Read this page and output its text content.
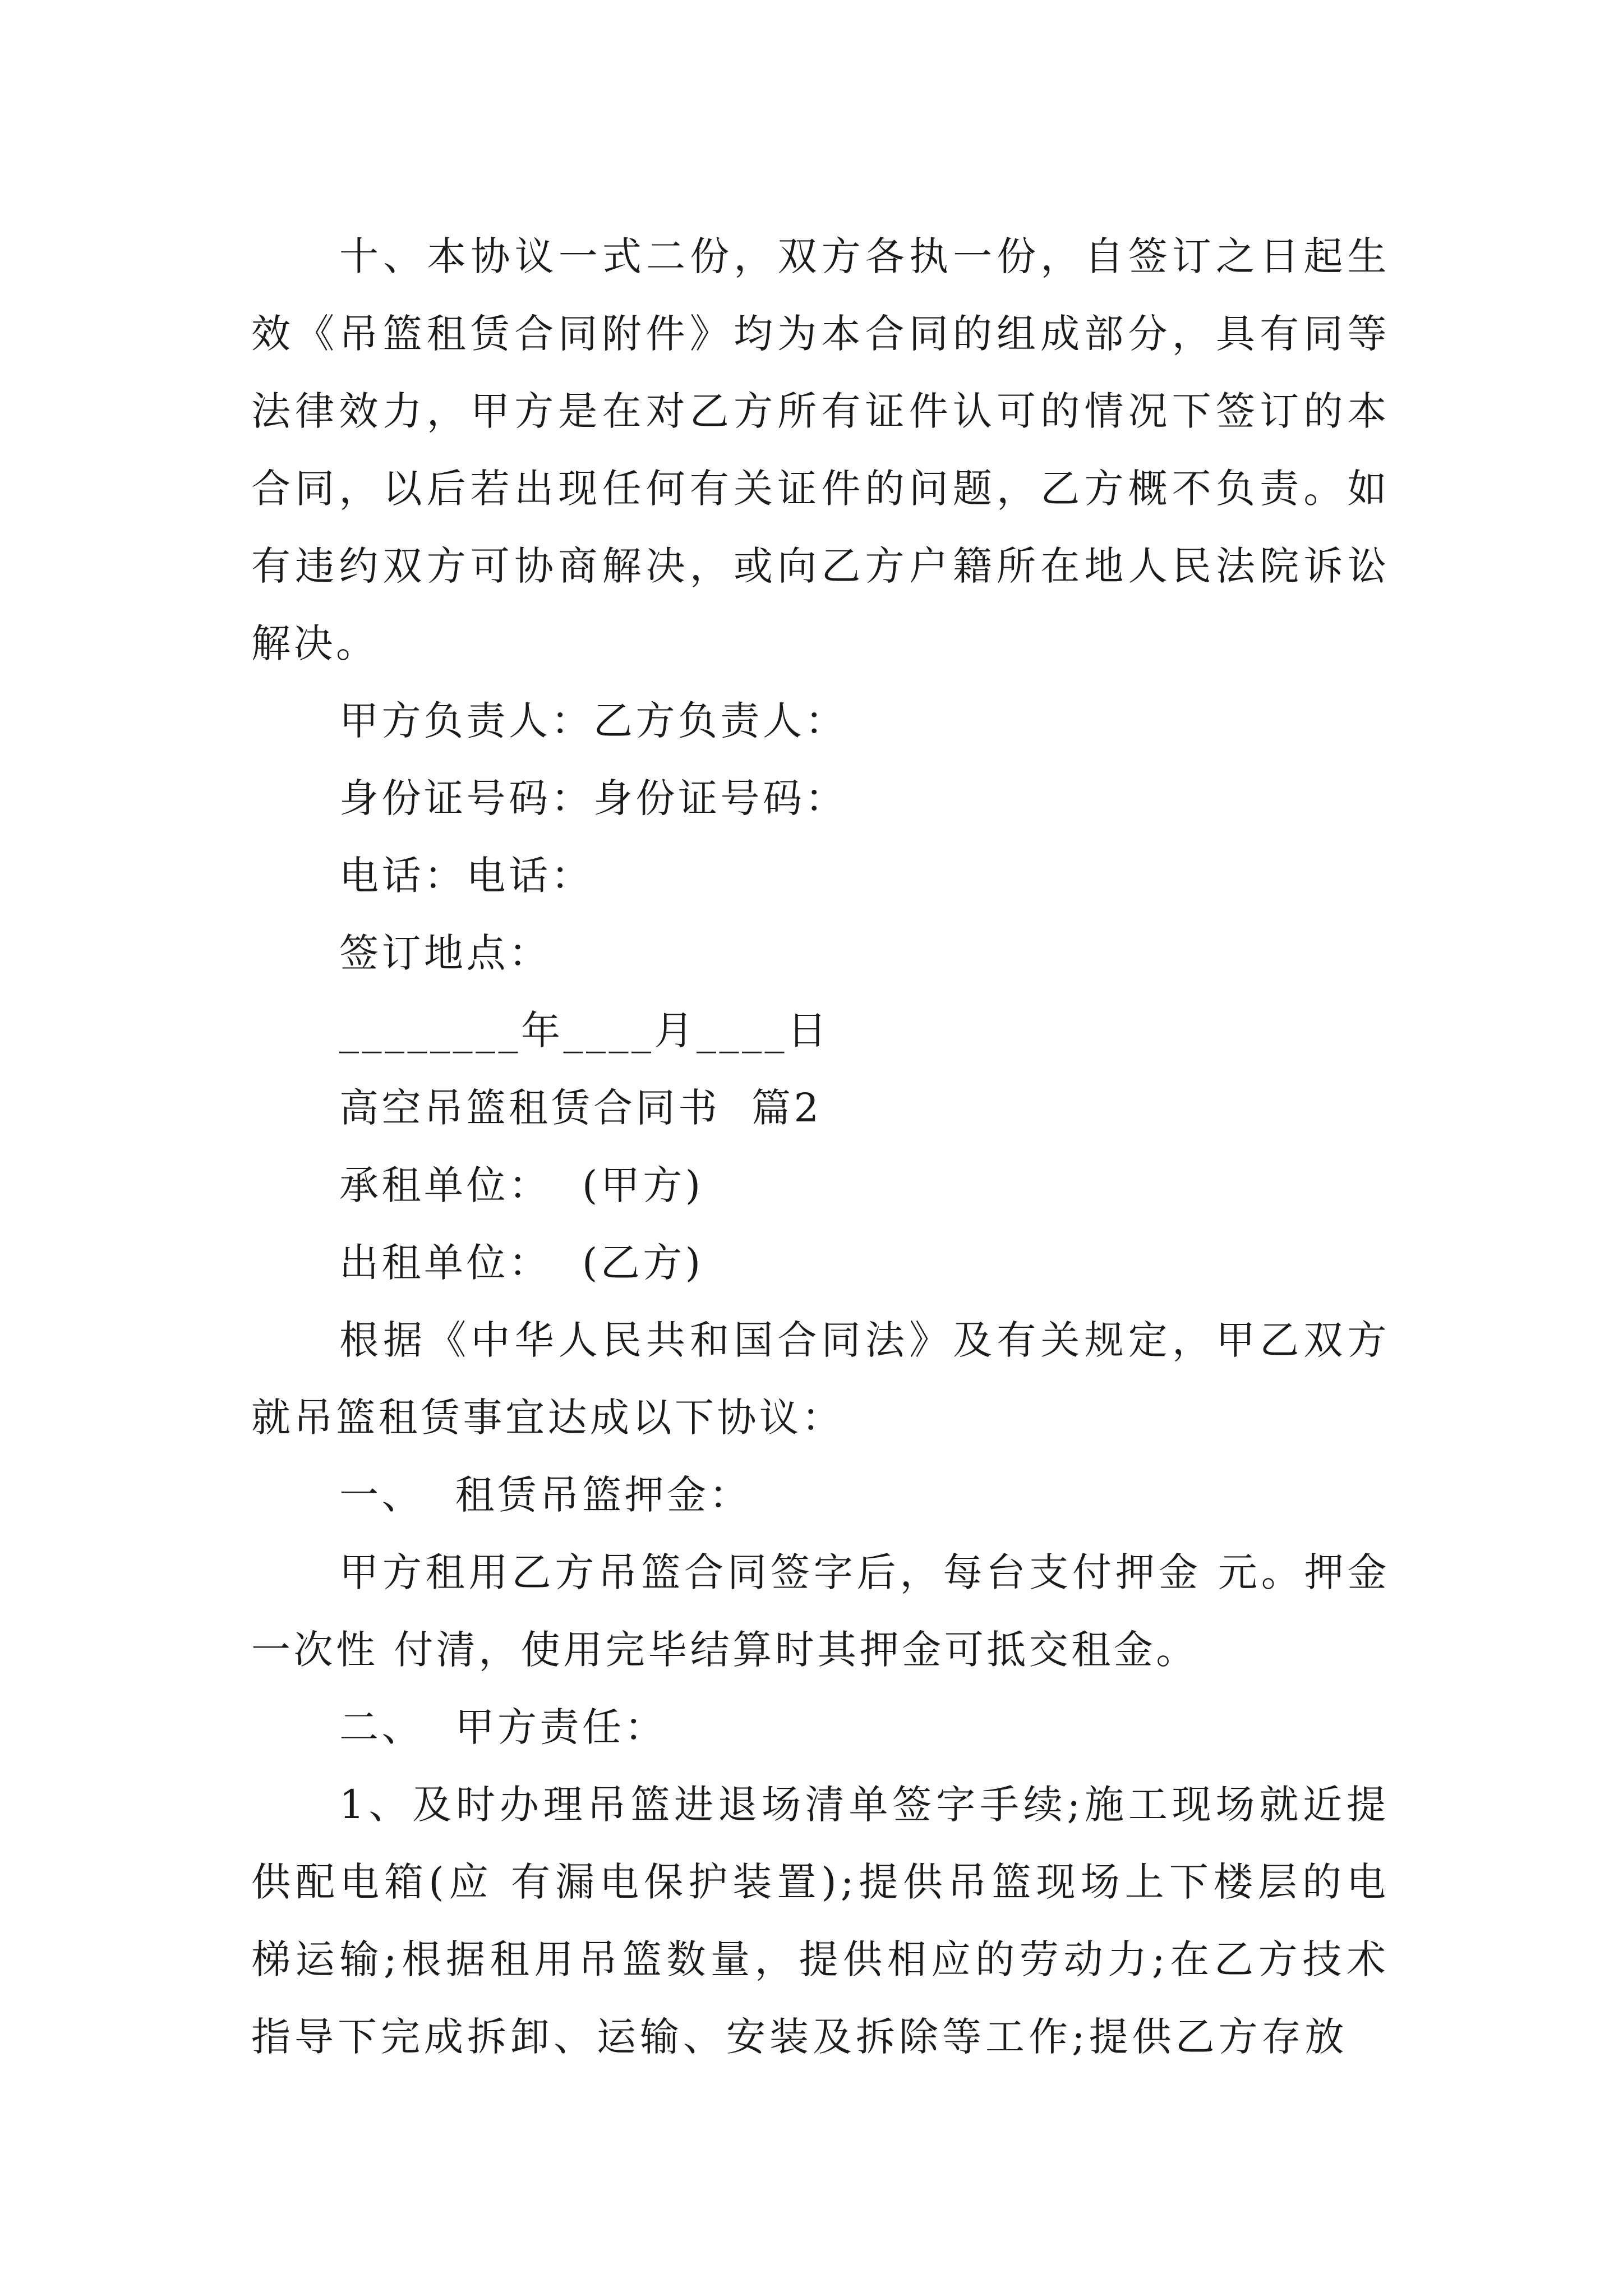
十、本协议一式二份，双方各执一份，自签订之日起生效《吊篮租赁合同附件》均为本合同的组成部分，具有同等法律效力，甲方是在对乙方所有证件认可的情况下签订的本合同，以后若出现任何有关证件的问题，乙方概不负责。如有违约双方可协商解决，或向乙方户籍所在地人民法院诉讼解决。

甲方负责人：乙方负责人：

身份证号码：身份证号码：

电话：电话：

签订地点：

________年____月____日

高空吊篮租赁合同书  篇2

承租单位：  (甲方)

出租单位：  (乙方)

根据《中华人民共和国合同法》及有关规定，甲乙双方就吊篮租赁事宜达成以下协议：

一、  租赁吊篮押金：

甲方租用乙方吊篮合同签字后，每台支付押金 元。押金一次性 付清，使用完毕结算时其押金可抵交租金。

二、  甲方责任：

1、及时办理吊篮进退场清单签字手续;施工现场就近提供配电箱(应 有漏电保护装置);提供吊篮现场上下楼层的电梯运输;根据租用吊篮数量，提供相应的劳动力;在乙方技术指导下完成拆卸、运输、安装及拆除等工作;提供乙方存放
